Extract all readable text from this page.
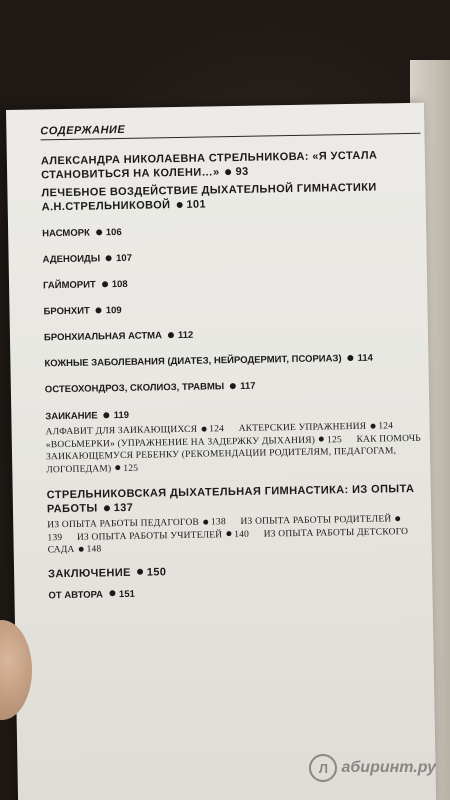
СОДЕРЖАНИЕ
АЛЕКСАНДРА НИКОЛАЕВНА СТРЕЛЬНИКОВА: «Я УСТАЛА СТАНОВИТЬСЯ НА КОЛЕНИ…» 93
ЛЕЧЕБНОЕ ВОЗДЕЙСТВИЕ ДЫХАТЕЛЬНОЙ ГИМНАСТИКИ А.Н.СТРЕЛЬНИКОВОЙ 101
НАСМОРК 106
АДЕНОИДЫ 107
ГАЙМОРИТ 108
БРОНХИТ 109
БРОНХИАЛЬНАЯ АСТМА 112
КОЖНЫЕ ЗАБОЛЕВАНИЯ (ДИАТЕЗ, НЕЙРОДЕРМИТ, ПСОРИАЗ) 114
ОСТЕОХОНДРОЗ, СКОЛИОЗ, ТРАВМЫ 117
ЗАИКАНИЕ 119
АЛФАВИТ ДЛЯ ЗАИКАЮЩИХСЯ 124 АКТЕРСКИЕ УПРАЖНЕНИЯ 124 «ВОСЬМЕРКИ» (УПРАЖНЕНИЕ НА ЗАДЕРЖКУ ДЫХАНИЯ) 125 КАК ПОМОЧЬ ЗАИКАЮЩЕМУСЯ РЕБЕНКУ (РЕКОМЕНДАЦИИ РОДИТЕЛЯМ, ПЕДАГОГАМ, ЛОГОПЕДАМ) 125
СТРЕЛЬНИКОВСКАЯ ДЫХАТЕЛЬНАЯ ГИМНАСТИКА: ИЗ ОПЫТА РАБОТЫ 137
ИЗ ОПЫТА РАБОТЫ ПЕДАГОГОВ 138 ИЗ ОПЫТА РАБОТЫ РОДИТЕЛЕЙ139 ИЗ ОПЫТА РАБОТЫ УЧИТЕЛЕЙ 140 ИЗ ОПЫТА РАБОТЫ ДЕТСКОГО САДА 148
ЗАКЛЮЧЕНИЕ 150
ОТ АВТОРА 151
Л абиринт.ру
